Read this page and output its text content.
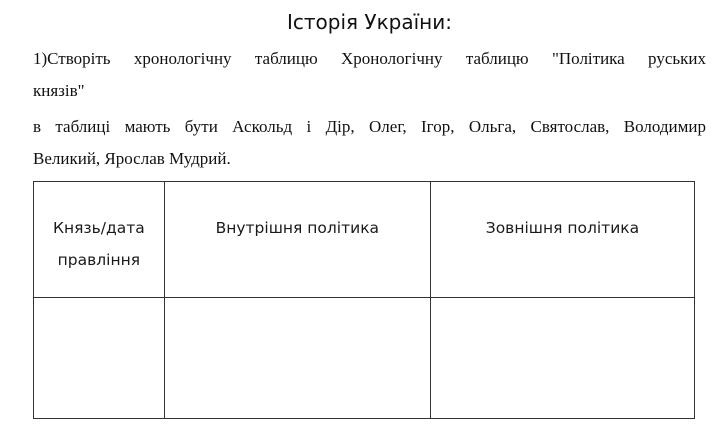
Історія України:
1)Створіть хронологічну таблицю Хронологічну таблицю "Політика руських
князів"
в таблиці мають бути Аскольд і Дір, Олег, Ігор, Ольга, Святослав, Володимир
Великий, Ярослав Мудрий.
Князь/дата правління	Внутрішня політика	Зовнішня політика
